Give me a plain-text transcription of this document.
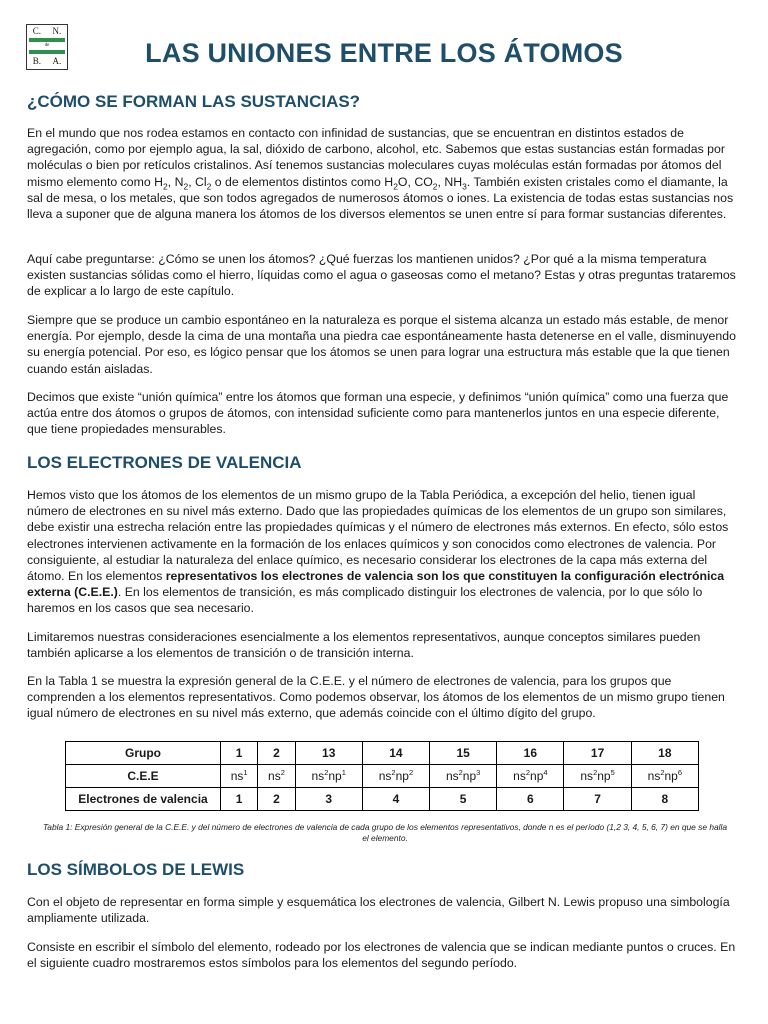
C. N.
de
B. A.	LAS UNIONES ENTRE LOS ÁTOMOS
¿CÓMO SE FORMAN LAS SUSTANCIAS?

En el mundo que nos rodea estamos en contacto con infinidad de sustancias, que se encuentran en distintos estados de agregación, como por ejemplo agua, la sal, dióxido de carbono, alcohol, etc. Sabemos que estas sustancias están formadas por moléculas o bien por retículos cristalinos. Así tenemos sustancias moleculares cuyas moléculas están formadas por átomos del mismo elemento como $H_2$, $N_2$, $Cl_2$ o de elementos distintos como $H_2O$, $CO_2$, $NH_3$. También existen cristales como el diamante, la sal de mesa, o los metales, que son todos agregados de numerosos átomos o iones. La existencia de todas estas sustancias nos lleva a suponer que de alguna manera los átomos de los diversos elementos se unen entre sí para formar sustancias diferentes.

Aquí cabe preguntarse: ¿Cómo se unen los átomos? ¿Qué fuerzas los mantienen unidos? ¿Por qué a la misma temperatura existen sustancias sólidas como el hierro, líquidas como el agua o gaseosas como el metano? Estas y otras preguntas trataremos de explicar a lo largo de este capítulo.

Siempre que se produce un cambio espontáneo en la naturaleza es porque el sistema alcanza un estado más estable, de menor energía. Por ejemplo, desde la cima de una montaña una piedra cae espontáneamente hasta detenerse en el valle, disminuyendo su energía potencial. Por eso, es lógico pensar que los átomos se unen para lograr una estructura más estable que la que tienen cuando están aisladas.

Decimos que existe “unión química” entre los átomos que forman una especie, y definimos “unión química” como una fuerza que actúa entre dos átomos o grupos de átomos, con intensidad suficiente como para mantenerlos juntos en una especie diferente, que tiene propiedades mensurables.

LOS ELECTRONES DE VALENCIA

Hemos visto que los átomos de los elementos de un mismo grupo de la Tabla Periódica, a excepción del helio, tienen igual número de electrones en su nivel más externo. Dado que las propiedades químicas de los elementos de un grupo son similares, debe existir una estrecha relación entre las propiedades químicas y el número de electrones más externos. En efecto, sólo estos electrones intervienen activamente en la formación de los enlaces químicos y son conocidos como electrones de valencia. Por consiguiente, al estudiar la naturaleza del enlace químico, es necesario considerar los electrones de la capa más externa del átomo. En los elementos representativos los electrones de valencia son los que constituyen la configuración electrónica externa (C.E.E.). En los elementos de transición, es más complicado distinguir los electrones de valencia, por lo que sólo lo haremos en los casos que sea necesario.

Limitaremos nuestras consideraciones esencialmente a los elementos representativos, aunque conceptos similares pueden también aplicarse a los elementos de transición o de transición interna.

En la Tabla 1 se muestra la expresión general de la C.E.E. y el número de electrones de valencia, para los grupos que comprenden a los elementos representativos. Como podemos observar, los átomos de los elementos de un mismo grupo tienen igual número de electrones en su nivel más externo, que además coincide con el último dígito del grupo.

Grupo	1	2	13	14	15	16	17	18
C.E.E	$ns^1$	$ns^2$	$ns^2np^1$	$ns^2np^2$	$ns^2np^3$	$ns^2np^4$	$ns^2np^5$	$ns^2np^6$
Electrones de valencia	1	2	3	4	5	6	7	8
Tabla 1: Expresión general de la C.E.E. y del número de electrones de valencia de cada grupo de los elementos representativos, donde n es el período (1,2 3, 4, 5, 6, 7) en que se halla el elemento.
LOS SÍMBOLOS DE LEWIS

Con el objeto de representar en forma simple y esquemática los electrones de valencia, Gilbert N. Lewis propuso una simbología ampliamente utilizada.

Consiste en escribir el símbolo del elemento, rodeado por los electrones de valencia que se indican mediante puntos o cruces. En el siguiente cuadro mostraremos estos símbolos para los elementos del segundo período.
